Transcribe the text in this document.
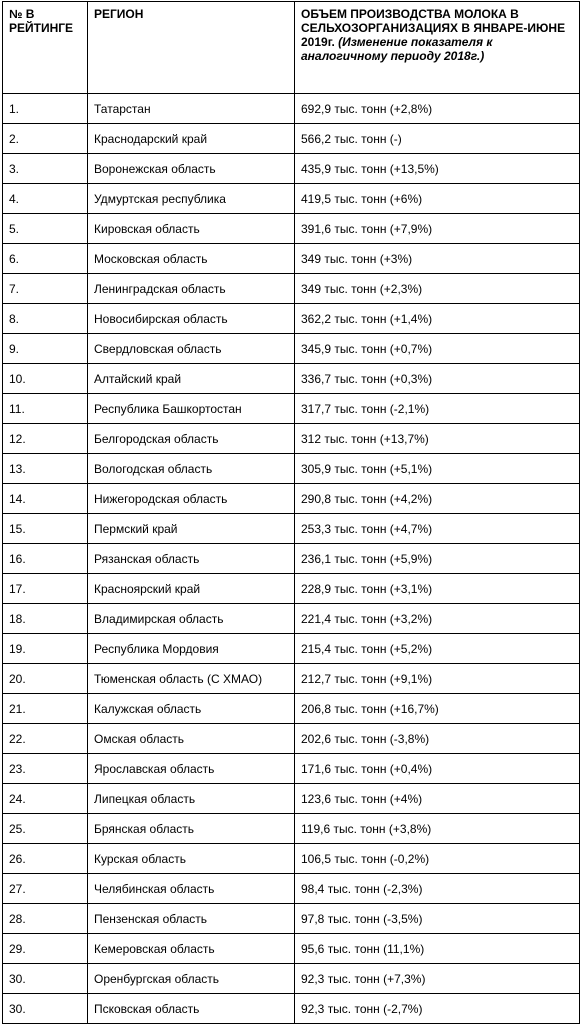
№ В РЕЙТИНГЕ	РЕГИОН	ОБЪЕМ ПРОИЗВОДСТВА МОЛОКА В СЕЛЬХОЗОРГАНИЗАЦИЯХ В ЯНВАРЕ-ИЮНЕ 2019г. (Изменение показателя к аналогичному периоду 2018г.)
1.	Татарстан	692,9 тыс. тонн (+2,8%)
2.	Краснодарский край	566,2 тыс. тонн (-)
3.	Воронежская область	435,9 тыс. тонн (+13,5%)
4.	Удмуртская республика	419,5 тыс. тонн (+6%)
5.	Кировская область	391,6 тыс. тонн (+7,9%)
6.	Московская область	349 тыс. тонн (+3%)
7.	Ленинградская область	349 тыс. тонн (+2,3%)
8.	Новосибирская область	362,2 тыс. тонн (+1,4%)
9.	Свердловская область	345,9 тыс. тонн (+0,7%)
10.	Алтайский край	336,7 тыс. тонн (+0,3%)
11.	Республика Башкортостан	317,7 тыс. тонн (-2,1%)
12.	Белгородская область	312 тыс. тонн (+13,7%)
13.	Вологодская область	305,9 тыс. тонн (+5,1%)
14.	Нижегородская область	290,8 тыс. тонн (+4,2%)
15.	Пермский край	253,3 тыс. тонн (+4,7%)
16.	Рязанская область	236,1 тыс. тонн (+5,9%)
17.	Красноярский край	228,9 тыс. тонн (+3,1%)
18.	Владимирская область	221,4 тыс. тонн (+3,2%)
19.	Республика Мордовия	215,4 тыс. тонн (+5,2%)
20.	Тюменская область (С ХМАО)	212,7 тыс. тонн (+9,1%)
21.	Калужская область	206,8 тыс. тонн (+16,7%)
22.	Омская область	202,6 тыс. тонн (-3,8%)
23.	Ярославская область	171,6 тыс. тонн (+0,4%)
24.	Липецкая область	123,6 тыс. тонн (+4%)
25.	Брянская область	119,6 тыс. тонн (+3,8%)
26.	Курская область	106,5 тыс. тонн (-0,2%)
27.	Челябинская область	98,4 тыс. тонн (-2,3%)
28.	Пензенская область	97,8 тыс. тонн (-3,5%)
29.	Кемеровская область	95,6 тыс. тонн (11,1%)
30.	Оренбургская область	92,3 тыс. тонн (+7,3%)
30.	Псковская область	92,3 тыс. тонн (-2,7%)
